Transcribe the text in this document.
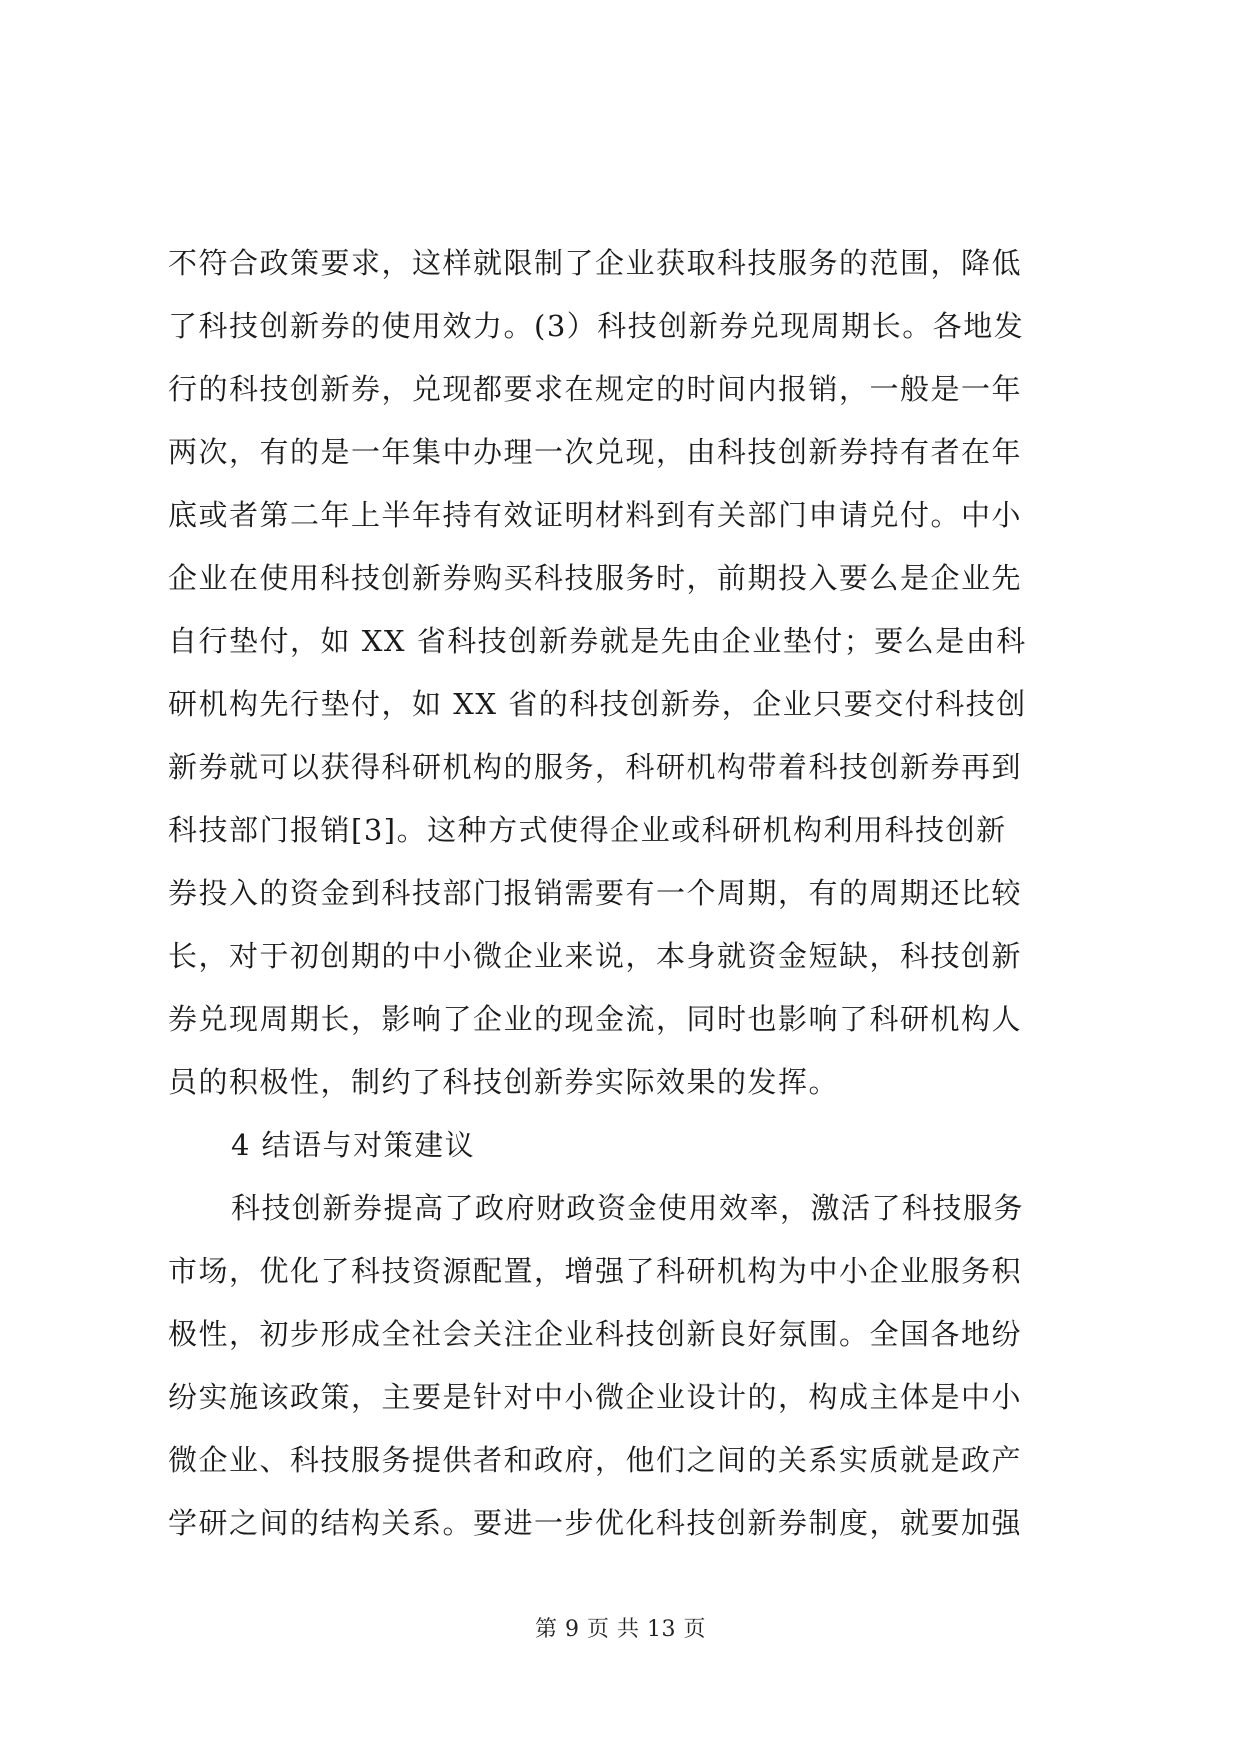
不符合政策要求，这样就限制了企业获取科技服务的范围，降低
了科技创新券的使用效力。(3）科技创新券兑现周期长。各地发
行的科技创新券，兑现都要求在规定的时间内报销，一般是一年
两次，有的是一年集中办理一次兑现，由科技创新券持有者在年
底或者第二年上半年持有效证明材料到有关部门申请兑付。中小
企业在使用科技创新券购买科技服务时，前期投入要么是企业先
自行垫付，如 XX 省科技创新券就是先由企业垫付；要么是由科
研机构先行垫付，如 XX 省的科技创新券，企业只要交付科技创
新券就可以获得科研机构的服务，科研机构带着科技创新券再到
科技部门报销[3]。这种方式使得企业或科研机构利用科技创新
券投入的资金到科技部门报销需要有一个周期，有的周期还比较
长，对于初创期的中小微企业来说，本身就资金短缺，科技创新
券兑现周期长，影响了企业的现金流，同时也影响了科研机构人
员的积极性，制约了科技创新券实际效果的发挥。
4 结语与对策建议
科技创新券提高了政府财政资金使用效率，激活了科技服务
市场，优化了科技资源配置，增强了科研机构为中小企业服务积
极性，初步形成全社会关注企业科技创新良好氛围。全国各地纷
纷实施该政策，主要是针对中小微企业设计的，构成主体是中小
微企业、科技服务提供者和政府，他们之间的关系实质就是政产
学研之间的结构关系。要进一步优化科技创新券制度，就要加强
第 9 页 共 13 页
